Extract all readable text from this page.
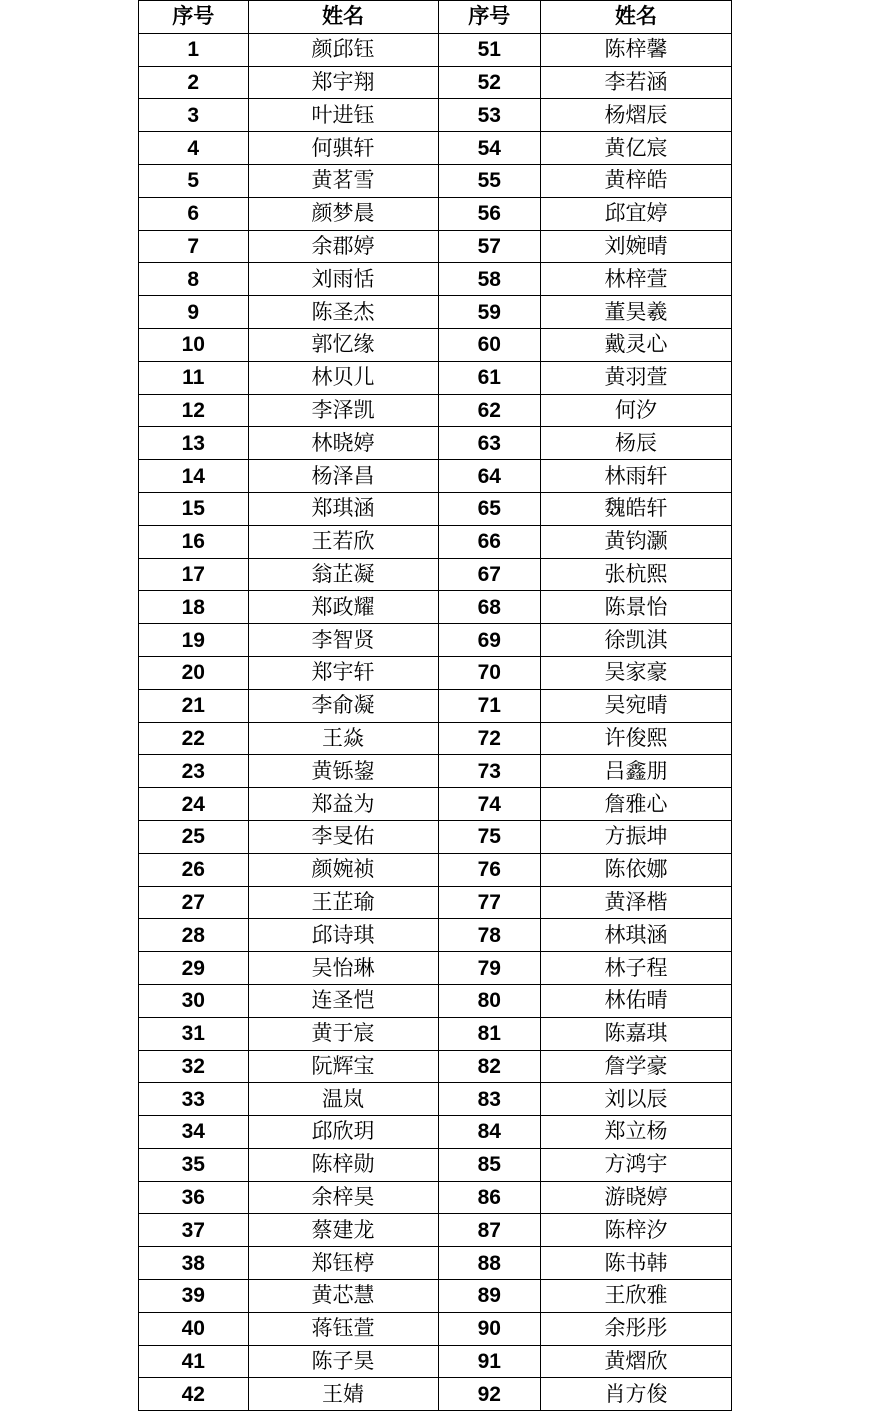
序号	姓名	序号	姓名
1	颜邱钰	51	陈梓馨
2	郑宇翔	52	李若涵
3	叶进钰	53	杨熠辰
4	何骐轩	54	黄亿宸
5	黄茗雪	55	黄梓皓
6	颜梦晨	56	邱宜婷
7	余郡婷	57	刘婉晴
8	刘雨恬	58	林梓萱
9	陈圣杰	59	董昊羲
10	郭忆缘	60	戴灵心
11	林贝儿	61	黄羽萱
12	李泽凯	62	何汐
13	林晓婷	63	杨辰
14	杨泽昌	64	林雨轩
15	郑琪涵	65	魏皓轩
16	王若欣	66	黄钧灏
17	翁芷凝	67	张杭熙
18	郑政耀	68	陈景怡
19	李智贤	69	徐凯淇
20	郑宇轩	70	吴家豪
21	李俞凝	71	吴宛晴
22	王焱	72	许俊熙
23	黄铄鋆	73	吕鑫朋
24	郑益为	74	詹雅心
25	李旻佑	75	方振坤
26	颜婉祯	76	陈依娜
27	王芷瑜	77	黄泽楷
28	邱诗琪	78	林琪涵
29	吴怡琳	79	林子程
30	连圣恺	80	林佑晴
31	黄于宸	81	陈嘉琪
32	阮辉宝	82	詹学豪
33	温岚	83	刘以辰
34	邱欣玥	84	郑立杨
35	陈梓勋	85	方鸿宇
36	余梓昊	86	游晓婷
37	蔡建龙	87	陈梓汐
38	郑钰楟	88	陈书韩
39	黄芯慧	89	王欣雅
40	蒋钰萱	90	余彤彤
41	陈子昊	91	黄熠欣
42	王婧	92	肖方俊
